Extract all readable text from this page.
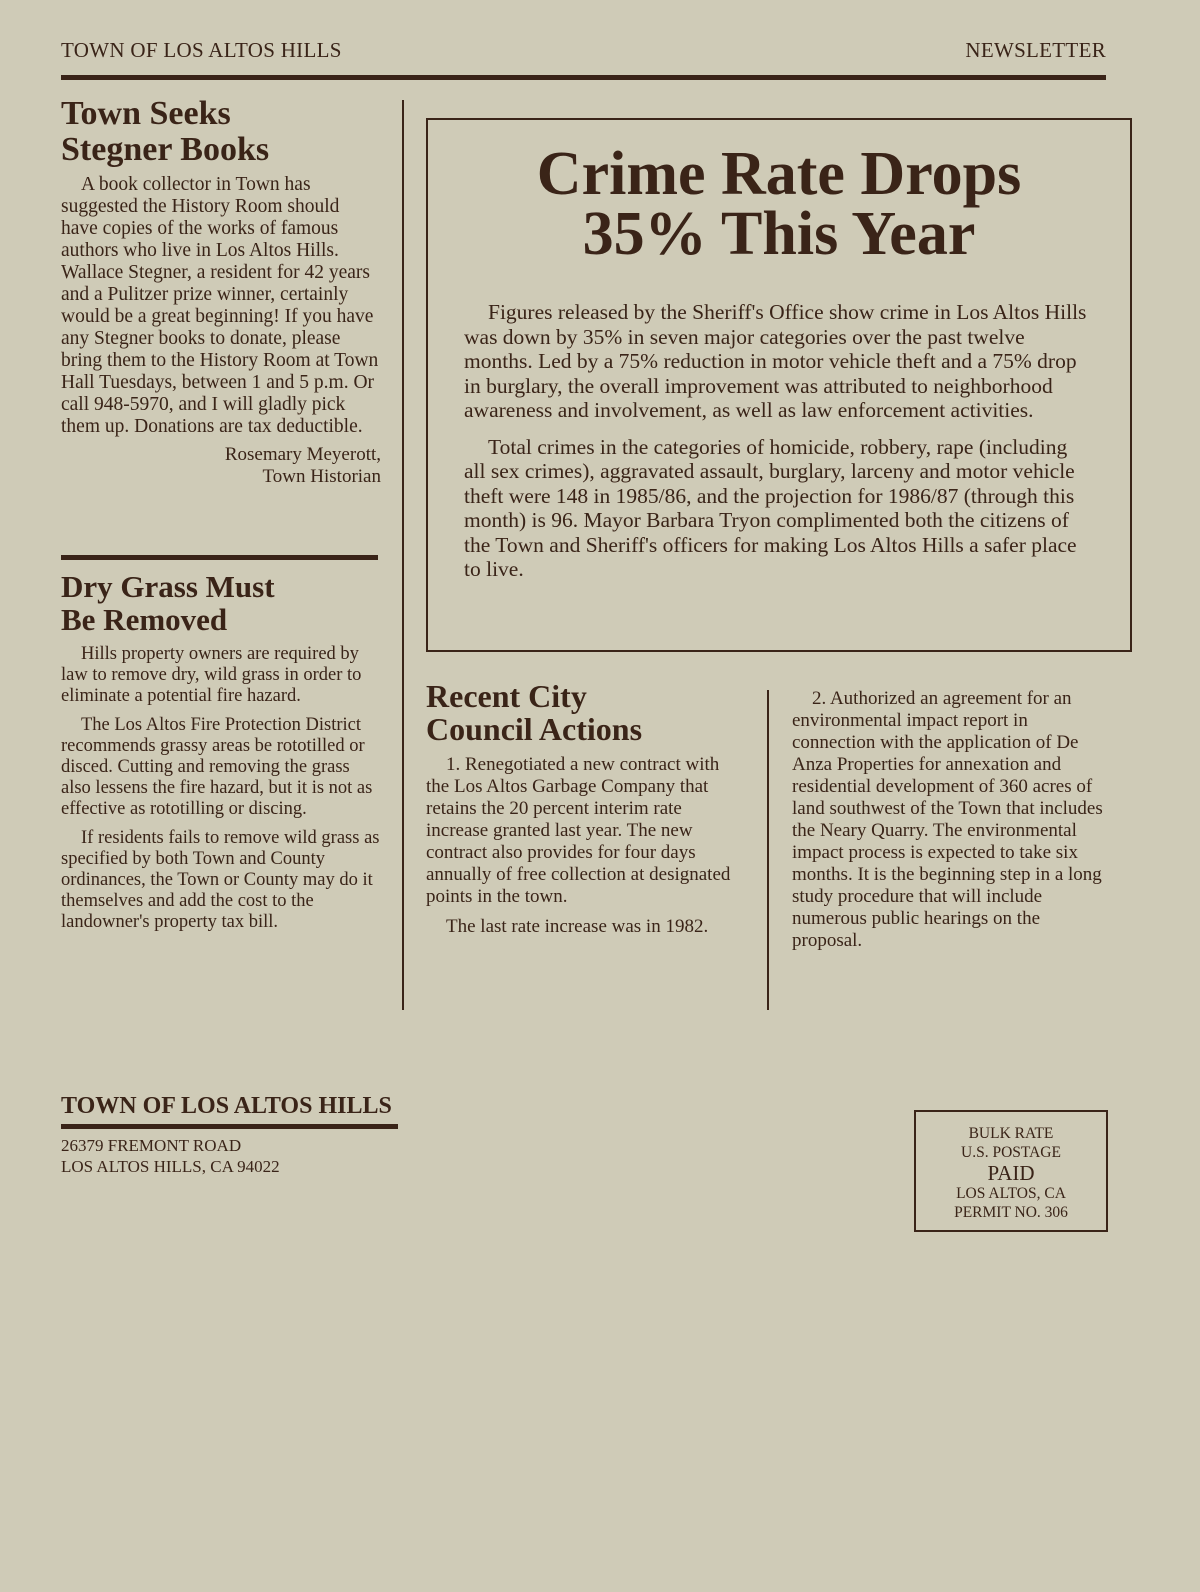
TOWN OF LOS ALTOS HILLS	NEWSLETTER
Town Seeks
Stegner Books

A book collector in Town has suggested the History Room should have copies of the works of famous authors who live in Los Altos Hills. Wallace Stegner, a resident for 42 years and a Pulitzer prize winner, certainly would be a great beginning! If you have any Stegner books to donate, please bring them to the History Room at Town Hall Tuesdays, between 1 and 5 p.m. Or call 948-5970, and I will gladly pick them up. Donations are tax deductible.

Rosemary Meyerott,
Town Historian
Dry Grass Must
Be Removed

Hills property owners are required by law to remove dry, wild grass in order to eliminate a potential fire hazard.

The Los Altos Fire Protection District recommends grassy areas be rototilled or disced. Cutting and removing the grass also lessens the fire hazard, but it is not as effective as rototilling or discing.

If residents fails to remove wild grass as specified by both Town and County ordinances, the Town or County may do it themselves and add the cost to the landowner's property tax bill.

Crime Rate Drops
35% This Year

Figures released by the Sheriff's Office show crime in Los Altos Hills was down by 35% in seven major categories over the past twelve months. Led by a 75% reduction in motor vehicle theft and a 75% drop in burglary, the overall improvement was attributed to neighborhood awareness and involvement, as well as law enforcement activities.

Total crimes in the categories of homicide, robbery, rape (including all sex crimes), aggravated assault, burglary, larceny and motor vehicle theft were 148 in 1985/86, and the projection for 1986/87 (through this month) is 96. Mayor Barbara Tryon complimented both the citizens of the Town and Sheriff's officers for making Los Altos Hills a safer place to live.

Recent City
Council Actions

1. Renegotiated a new contract with the Los Altos Garbage Company that retains the 20 percent interim rate increase granted last year. The new contract also provides for four days annually of free collection at designated points in the town.

The last rate increase was in 1982.

2. Authorized an agreement for an environmental impact report in connection with the application of De Anza Properties for annexation and residential development of 360 acres of land southwest of the Town that includes the Neary Quarry. The environmental impact process is expected to take six months. It is the beginning step in a long study procedure that will include numerous public hearings on the proposal.

TOWN OF LOS ALTOS HILLS
26379 FREMONT ROAD
LOS ALTOS HILLS, CA 94022
BULK RATE
U.S. POSTAGE
PAID
LOS ALTOS, CA
PERMIT NO. 306
